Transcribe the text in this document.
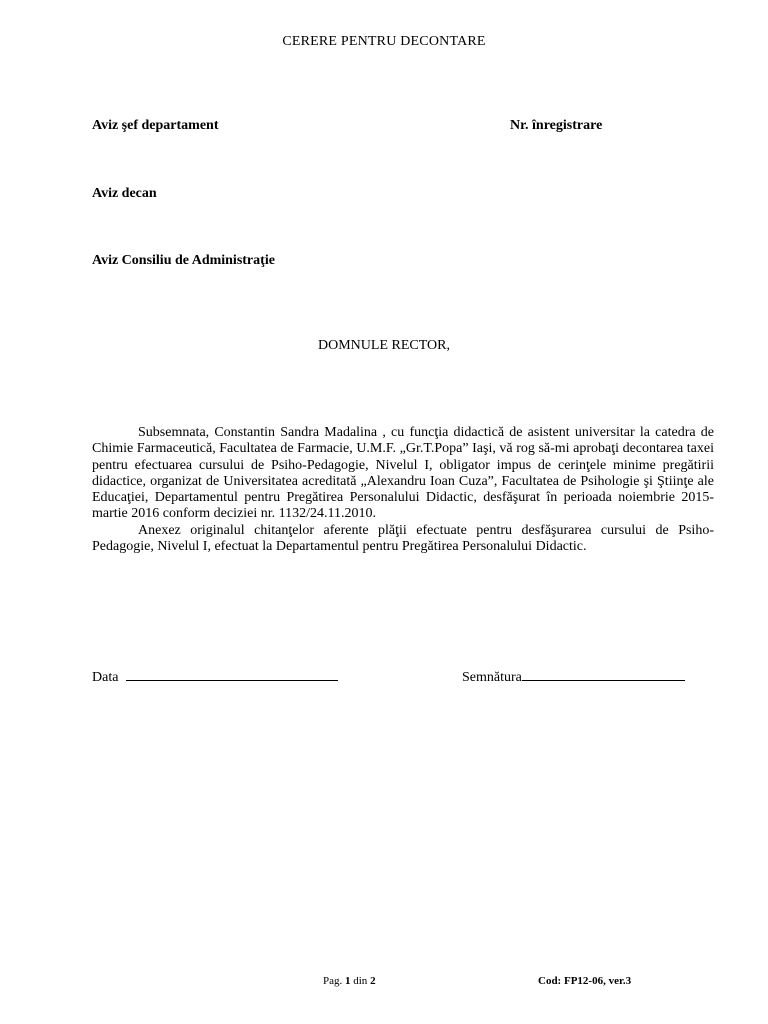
CERERE PENTRU DECONTARE
Aviz şef departament	Nr. înregistrare
Aviz decan
Aviz Consiliu de Administraţie
DOMNULE RECTOR,

Subsemnata, Constantin Sandra Madalina , cu funcţia didactică de asistent universitar la catedra de Chimie Farmaceutică, Facultatea de Farmacie, U.M.F. „Gr.T.Popa” Iaşi, vă rog să-mi aprobaţi decontarea taxei pentru efectuarea cursului de Psiho-Pedagogie, Nivelul I, obligator impus de cerinţele minime pregătirii didactice, organizat de Universitatea acreditată „Alexandru Ioan Cuza”, Facultatea de Psihologie şi Ştiinţe ale Educaţiei, Departamentul pentru Pregătirea Personalului Didactic, desfăşurat în perioada noiembrie 2015-martie 2016 conform deciziei nr. 1132/24.11.2010.

Anexez originalul chitanţelor aferente plăţii efectuate pentru desfăşurarea cursului de Psiho-Pedagogie, Nivelul I, efectuat la Departamentul pentru Pregătirea Personalului Didactic.

Data	Semnătura
Pag. 1 din 2	Cod: FP12-06, ver.3
